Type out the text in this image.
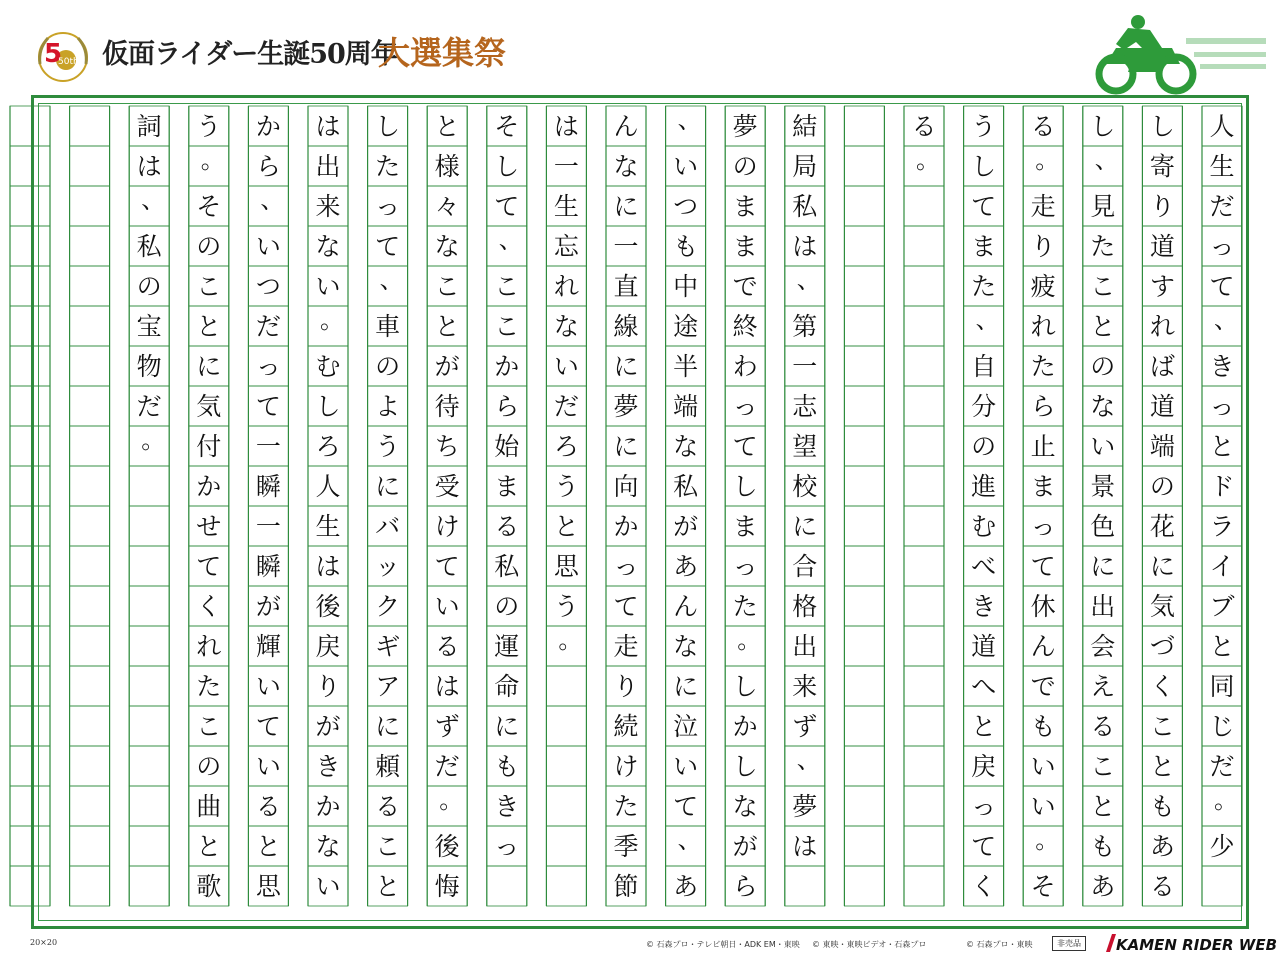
5
50th 仮面ライダー生誕50周年
大選集祭
人
生
だ
っ
て
、
き
っ
と
ド
ラ
イ
ブ
と
同
じ
だ
。
少
し
寄
り
道
す
れ
ば
道
端
の
花
に
気
づ
く
こ
と
も
あ
る
し
、
見
た
こ
と
の
な
い
景
色
に
出
会
え
る
こ
と
も
あ
る
。
走
り
疲
れ
た
ら
止
ま
っ
て
休
ん
で
も
い
い
。
そ
う
し
て
ま
た
、
自
分
の
進
む
べ
き
道
へ
と
戻
っ
て
く
る
。
結
局
私
は
、
第
一
志
望
校
に
合
格
出
来
ず
、
夢
は
夢
の
ま
ま
で
終
わ
っ
て
し
ま
っ
た
。
し
か
し
な
が
ら
、
い
つ
も
中
途
半
端
な
私
が
あ
ん
な
に
泣
い
て
、
あ
ん
な
に
一
直
線
に
夢
に
向
か
っ
て
走
り
続
け
た
季
節
は
一
生
忘
れ
な
い
だ
ろ
う
と
思
う
。
そ
し
て
、
こ
こ
か
ら
始
ま
る
私
の
運
命
に
も
き
っ
と
様
々
な
こ
と
が
待
ち
受
け
て
い
る
は
ず
だ
。
後
悔
し
た
っ
て
、
車
の
よ
う
に
バ
ッ
ク
ギ
ア
に
頼
る
こ
と
は
出
来
な
い
。
む
し
ろ
人
生
は
後
戻
り
が
き
か
な
い
か
ら
、
い
つ
だ
っ
て
一
瞬
一
瞬
が
輝
い
て
い
る
と
思
う
。
そ
の
こ
と
に
気
付
か
せ
て
く
れ
た
こ
の
曲
と
歌
詞
は
、
私
の
宝
物
だ
。
20×20	© 石森プロ・テレビ朝日・ADK EM・東映 © 東映・東映ビデオ・石森プロ	© 石森プロ・東映	非売品	KAMEN RIDER WEB
